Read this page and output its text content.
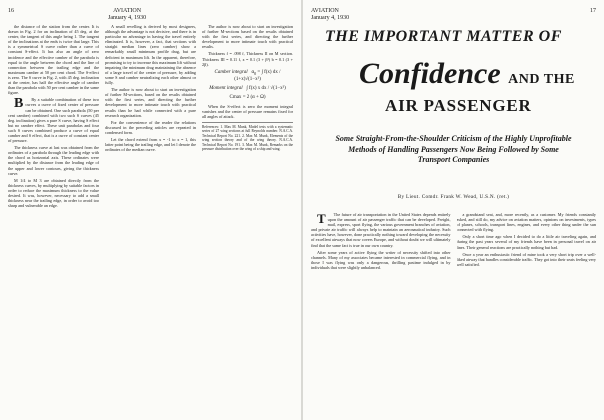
16	AVIATION
January 4, 1930

the distance of the station from the center. It is drawn in Fig. 2 for an inclination of 45 deg. at the center, the tangent of this angle being 1. The tangent of the inclinations at the ends is twice that large. This is a symmetrical S curve rather than a curve of constant S-effect. It has also an angle of zero incidence and the effective camber of the parabola is equal to the angle between the chord and the line of connection between the trailing edge and the maximum camber at 50 per cent chord. The S-effect is zero. The S curve in Fig. 2, with 45 deg. inclination at the center, has half the effective angle of camber than the parabola with 50 per cent camber in the same figure.

B By a suitable combination of these two curves a curve of fixed center of pressure can be obtained. One such parabola (50 per cent camber) combined with two such S curves (45 deg. inclination) gives a pure S curve, having S effect but no camber effect. These unit parabolas and four such S curves combined produce a curve of equal camber and S effect, that is a curve of constant center of pressure.

The thickness curve at last was obtained from the ordinates of a parabola through the leading edge with the chord as horizontal axis. These ordinates were multiplied by the distance from the leading edge of the upper and lower contours, giving the thickness curve.

M 1/4 to M 3 are obtained directly from the thickness curves, by multiplying by suitable factors in order to reduce the maximum thickness to the value desired. It was, however, necessary to add a small thickness near the trailing edge, in order to avoid too sharp and vulnerable an edge.

A small revelling is derived by most designers, although the advantage is not decisive, and there is in particular no advantage in having the travel entirely eliminated. It is, however, a fact, that sections with straight median lines (zero camber) show a remarkably small minimum profile drag, but are deficient in maximum lift. In the apparent, therefore, promising to try to increase this maximum lift without impairing the minimum drag maintaining the absence of a large travel of the center of pressure, by adding some S and camber neutralizing each other almost or fully.

The author is now about to start an investigation of further M-sections, based on the results obtained with the first series, and directing the further development to more intimate touch with practical results than he had while connected with a pure research organization.

For the convenience of the reader the relations discussed in the preceding articles are repeated in condensed form.

Let the chord extend from x = -1 to x = 1, this latter point being the trailing edge, and let l denote the ordinates of the median curve.

The author is now about to start an investigation of further M-sections based on the results obtained with the first series, and directing the further development to more intimate touch with practical results.

Thickness f = .098 f, Thickness II on M section. Thickness III = 0.11 f, x = 0.1 (3 + β²) b = 0.1 (3 + 2β).

Camber integral   $\alpha_0$ = ∫ f(x) dx / (1+x)√(1−x²)
Moment integral   ∫ f(x) x dx / √(1−x²)
Cmax = 2 (α + Ω)

When the S-effect is zero the moment integral vanishes and the center of pressure remains fixed for all angles of attack.

References: 1. Max M. Munk, Model tests with a systematic series of 27 wing sections at full Reynolds number. N.A.C.A. Technical Report No. 221. 2. Max M. Munk, Elements of the wing section theory and of the wing theory. N.A.C.A. Technical Report No. 191. 3. Max M. Munk, Remarks on the pressure distribution over the wing of a ship and wing.
AVIATION
January 4, 1930
17
THE IMPORTANT MATTER OF
Confidence AND THE
AIR PASSENGER
Some Straight-From-the-Shoulder Criticism of the Highly Unprofitable Methods of Handling Passengers Now Being Followed by Some Transport Companies
By Lieut. Comdr. Frank W. Wead, U.S.N. (ret.)

T The future of air transportation in the United States depends entirely upon the amount of air passenger traffic that can be developed. Freight, mail, express, sport flying, the various government branches of aviation, and private air traffic will always help to maintain an aeronautical industry. Such activities have, however, done practically nothing toward developing the necessity of excellent airways that now covers Europe, and without doubt we will ultimately find that the same fact is true in our own country.

After some years of active flying the writer of necessity shifted into other channels. Many of my associates became interested in commercial flying, and in those I was flying was only a dangerous, thrilling pastime indulged in by individuals that were slightly unbalanced.

a grandstand seat, and, more recently, as a customer. My friends constantly asked, and still do, my advice on aviation matters, opinions on investments, types of planes, schools, transport lines, engines, and every other thing under the sun connected with flying.

Only a short time ago when I decided to do a little air traveling again, and during the past years several of my friends have been in personal travel on air lines. Their general reactions are practically nothing but bad.

Once a year an enthusiastic friend of mine took a very short trip over a well-liked airway that handles considerable traffic. They got into their seats feeling very well satisfied.
